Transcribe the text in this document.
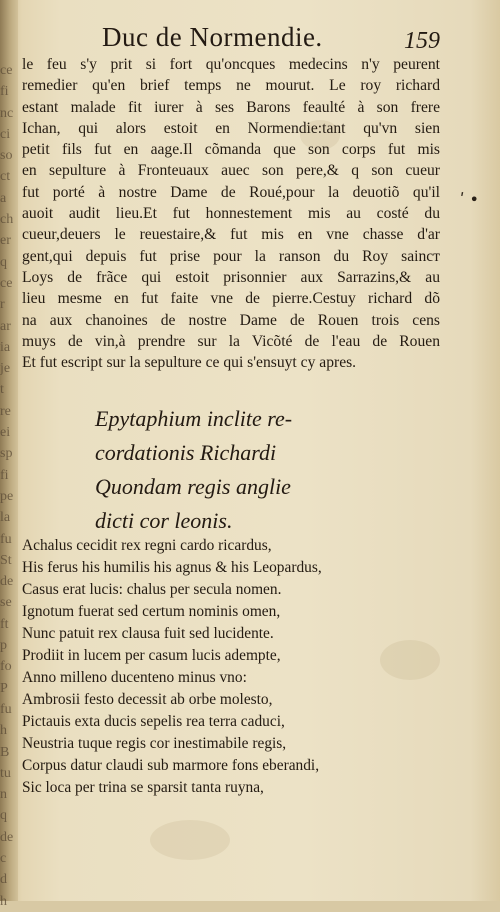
ce
fi
nc
ci
so
ct
a
ch
er
q
ce
r
ar
ia
je
t
re
ei
sp
fi
pe
la
fu
St
de
se
ft
p
fo
P
fu
h
B
tu
n
q
de
c
d
h
Duc de Normendie.	159
le feu s'y prit si fort qu'oncques medecins n'y peurent
remedier qu'en brief temps ne mourut. Le roy richard
estant malade fit iurer à ses Barons feaulté à son frere
Ichan, qui alors estoit en Normendie:tant qu'vn sien
petit fils fut en aage.Il cõmanda que son corps fut mis
en sepulture à Fronteuaux auec son pere,& q son cueur
fut porté à nostre Dame de Roué,pour la deuotiõ qu'il
auoit audit lieu.Et fut honnestement mis au costé du
cueur,deuers le reuestaire,& fut mis en vne chasse d'ar
gent,qui depuis fut prise pour la ranson du Roy saincт
Loys de frãce qui estoit prisonnier aux Sarrazins,& au
lieu mesme en fut faite vne de pierre.Cestuy richard dõ
na aux chanoines de nostre Dame de Rouen trois cens
muys de vin,à prendre sur la Vicõté de l'eau de Rouen
Et fut escript sur la sepulture ce qui s'ensuyt cy apres.
ʹ •
Epytaphium inclite re-
cordationis Richardi
Quondam regis anglie
dicti cor leonis.
Achalus cecidit rex regni cardo ricardus,
His ferus his humilis his agnus & his Leopardus,
Casus erat lucis: chalus per secula nomen.
Ignotum fuerat sed certum nominis omen,
Nunc patuit rex clausa fuit sed lucidente.
Prodiit in lucem per casum lucis adempte,
Anno milleno ducenteno minus vno:
Ambrosii festo decessit ab orbe molesto,
Pictauis exta ducis sepelis rea terra caduci,
Neustria tuque regis cor inestimabile regis,
Corpus datur claudi sub marmore fons eberandi,
Sic loca per trina se sparsit tanta ruyna,
